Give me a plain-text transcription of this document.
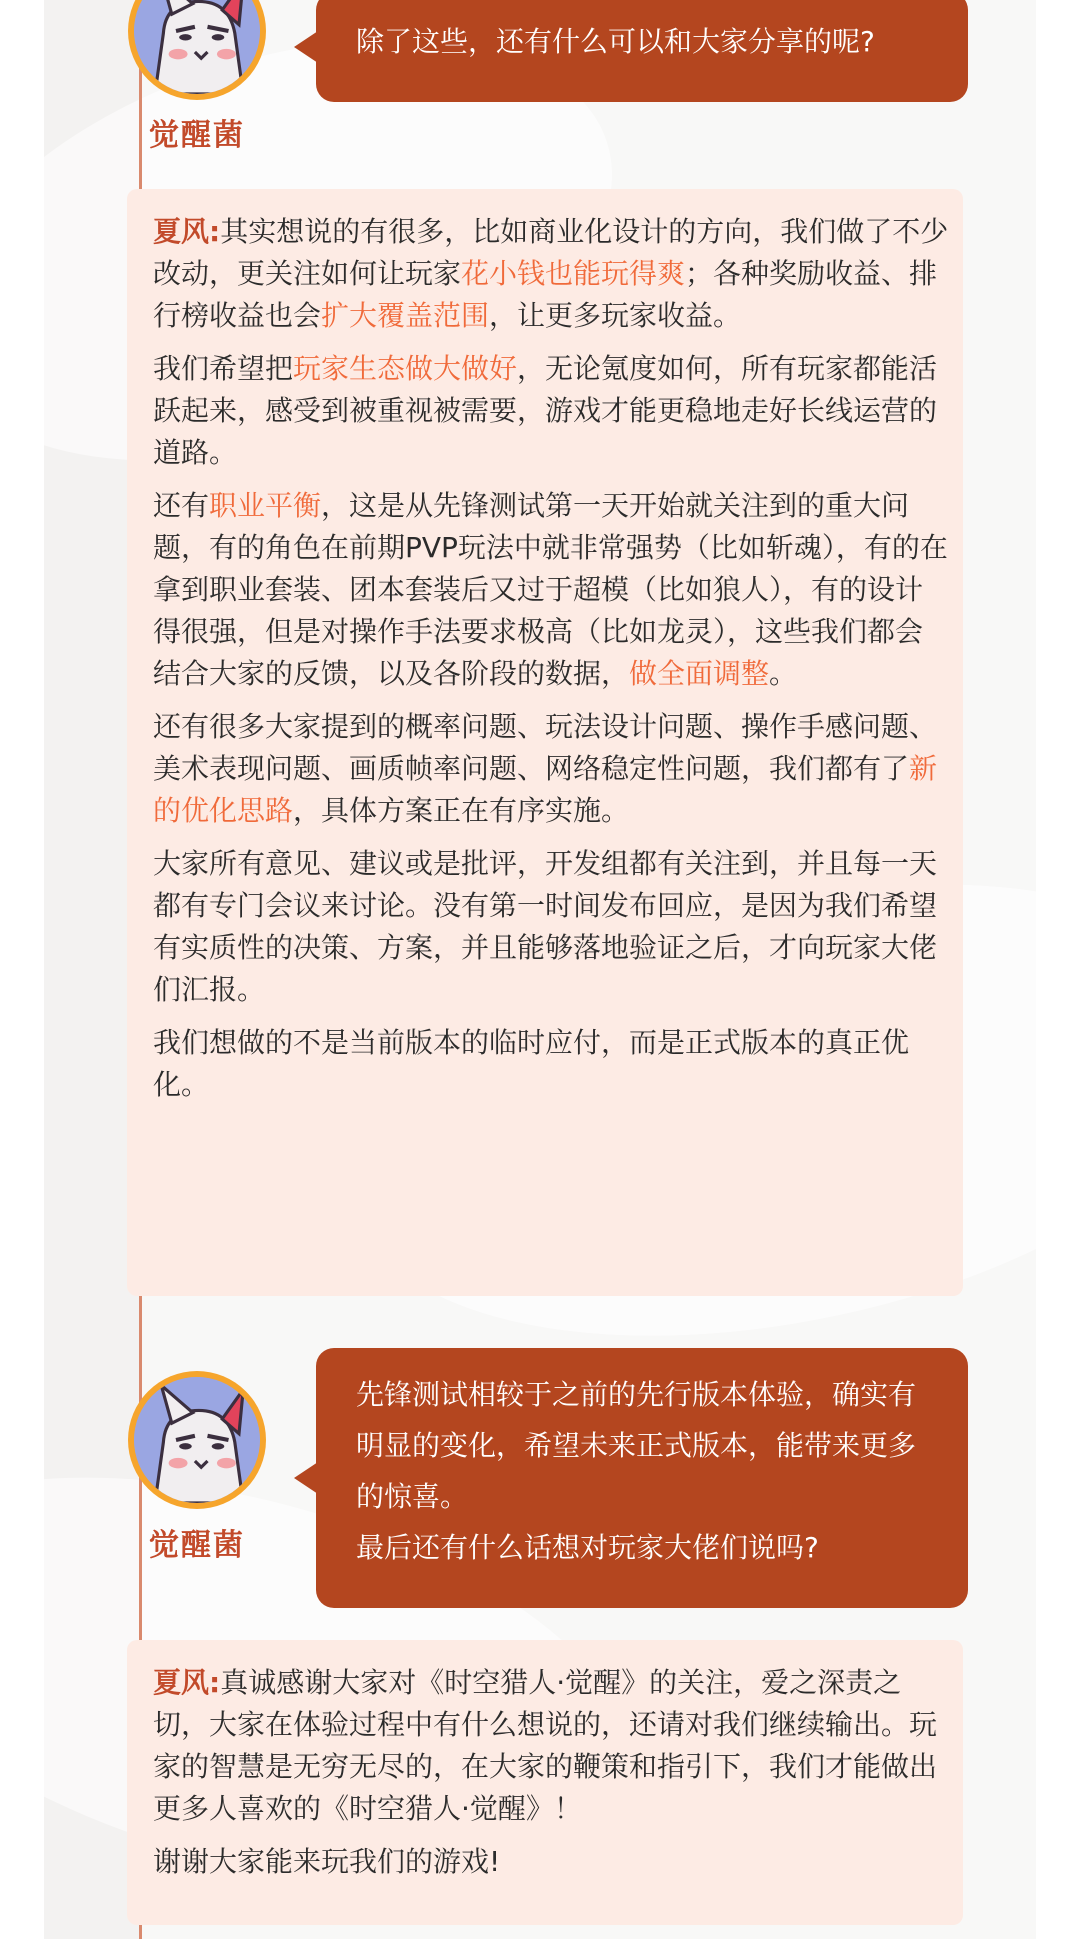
觉醒菌
除了这些，还有什么可以和大家分享的呢?

夏风:其实想说的有很多，比如商业化设计的方向，我们做了不少改动，更关注如何让玩家花小钱也能玩得爽；各种奖励收益、排行榜收益也会扩大覆盖范围，让更多玩家收益。

我们希望把玩家生态做大做好，无论氪度如何，所有玩家都能活跃起来，感受到被重视被需要，游戏才能更稳地走好长线运营的道路。

还有职业平衡，这是从先锋测试第一天开始就关注到的重大问题，有的角色在前期PVP玩法中就非常强势（比如斩魂），有的在拿到职业套装、团本套装后又过于超模（比如狼人），有的设计得很强，但是对操作手法要求极高（比如龙灵），这些我们都会结合大家的反馈，以及各阶段的数据，做全面调整。

还有很多大家提到的概率问题、玩法设计问题、操作手感问题、美术表现问题、画质帧率问题、网络稳定性问题，我们都有了新的优化思路，具体方案正在有序实施。

大家所有意见、建议或是批评，开发组都有关注到，并且每一天都有专门会议来讨论。没有第一时间发布回应，是因为我们希望有实质性的决策、方案，并且能够落地验证之后，才向玩家大佬们汇报。

我们想做的不是当前版本的临时应付，而是正式版本的真正优化。

觉醒菌
先锋测试相较于之前的先行版本体验，确实有明显的变化，希望未来正式版本，能带来更多的惊喜。
最后还有什么话想对玩家大佬们说吗?

夏风:真诚感谢大家对《时空猎人·觉醒》的关注，爱之深责之切，大家在体验过程中有什么想说的，还请对我们继续输出。玩家的智慧是无穷无尽的，在大家的鞭策和指引下，我们才能做出更多人喜欢的《时空猎人·觉醒》！

谢谢大家能来玩我们的游戏!
